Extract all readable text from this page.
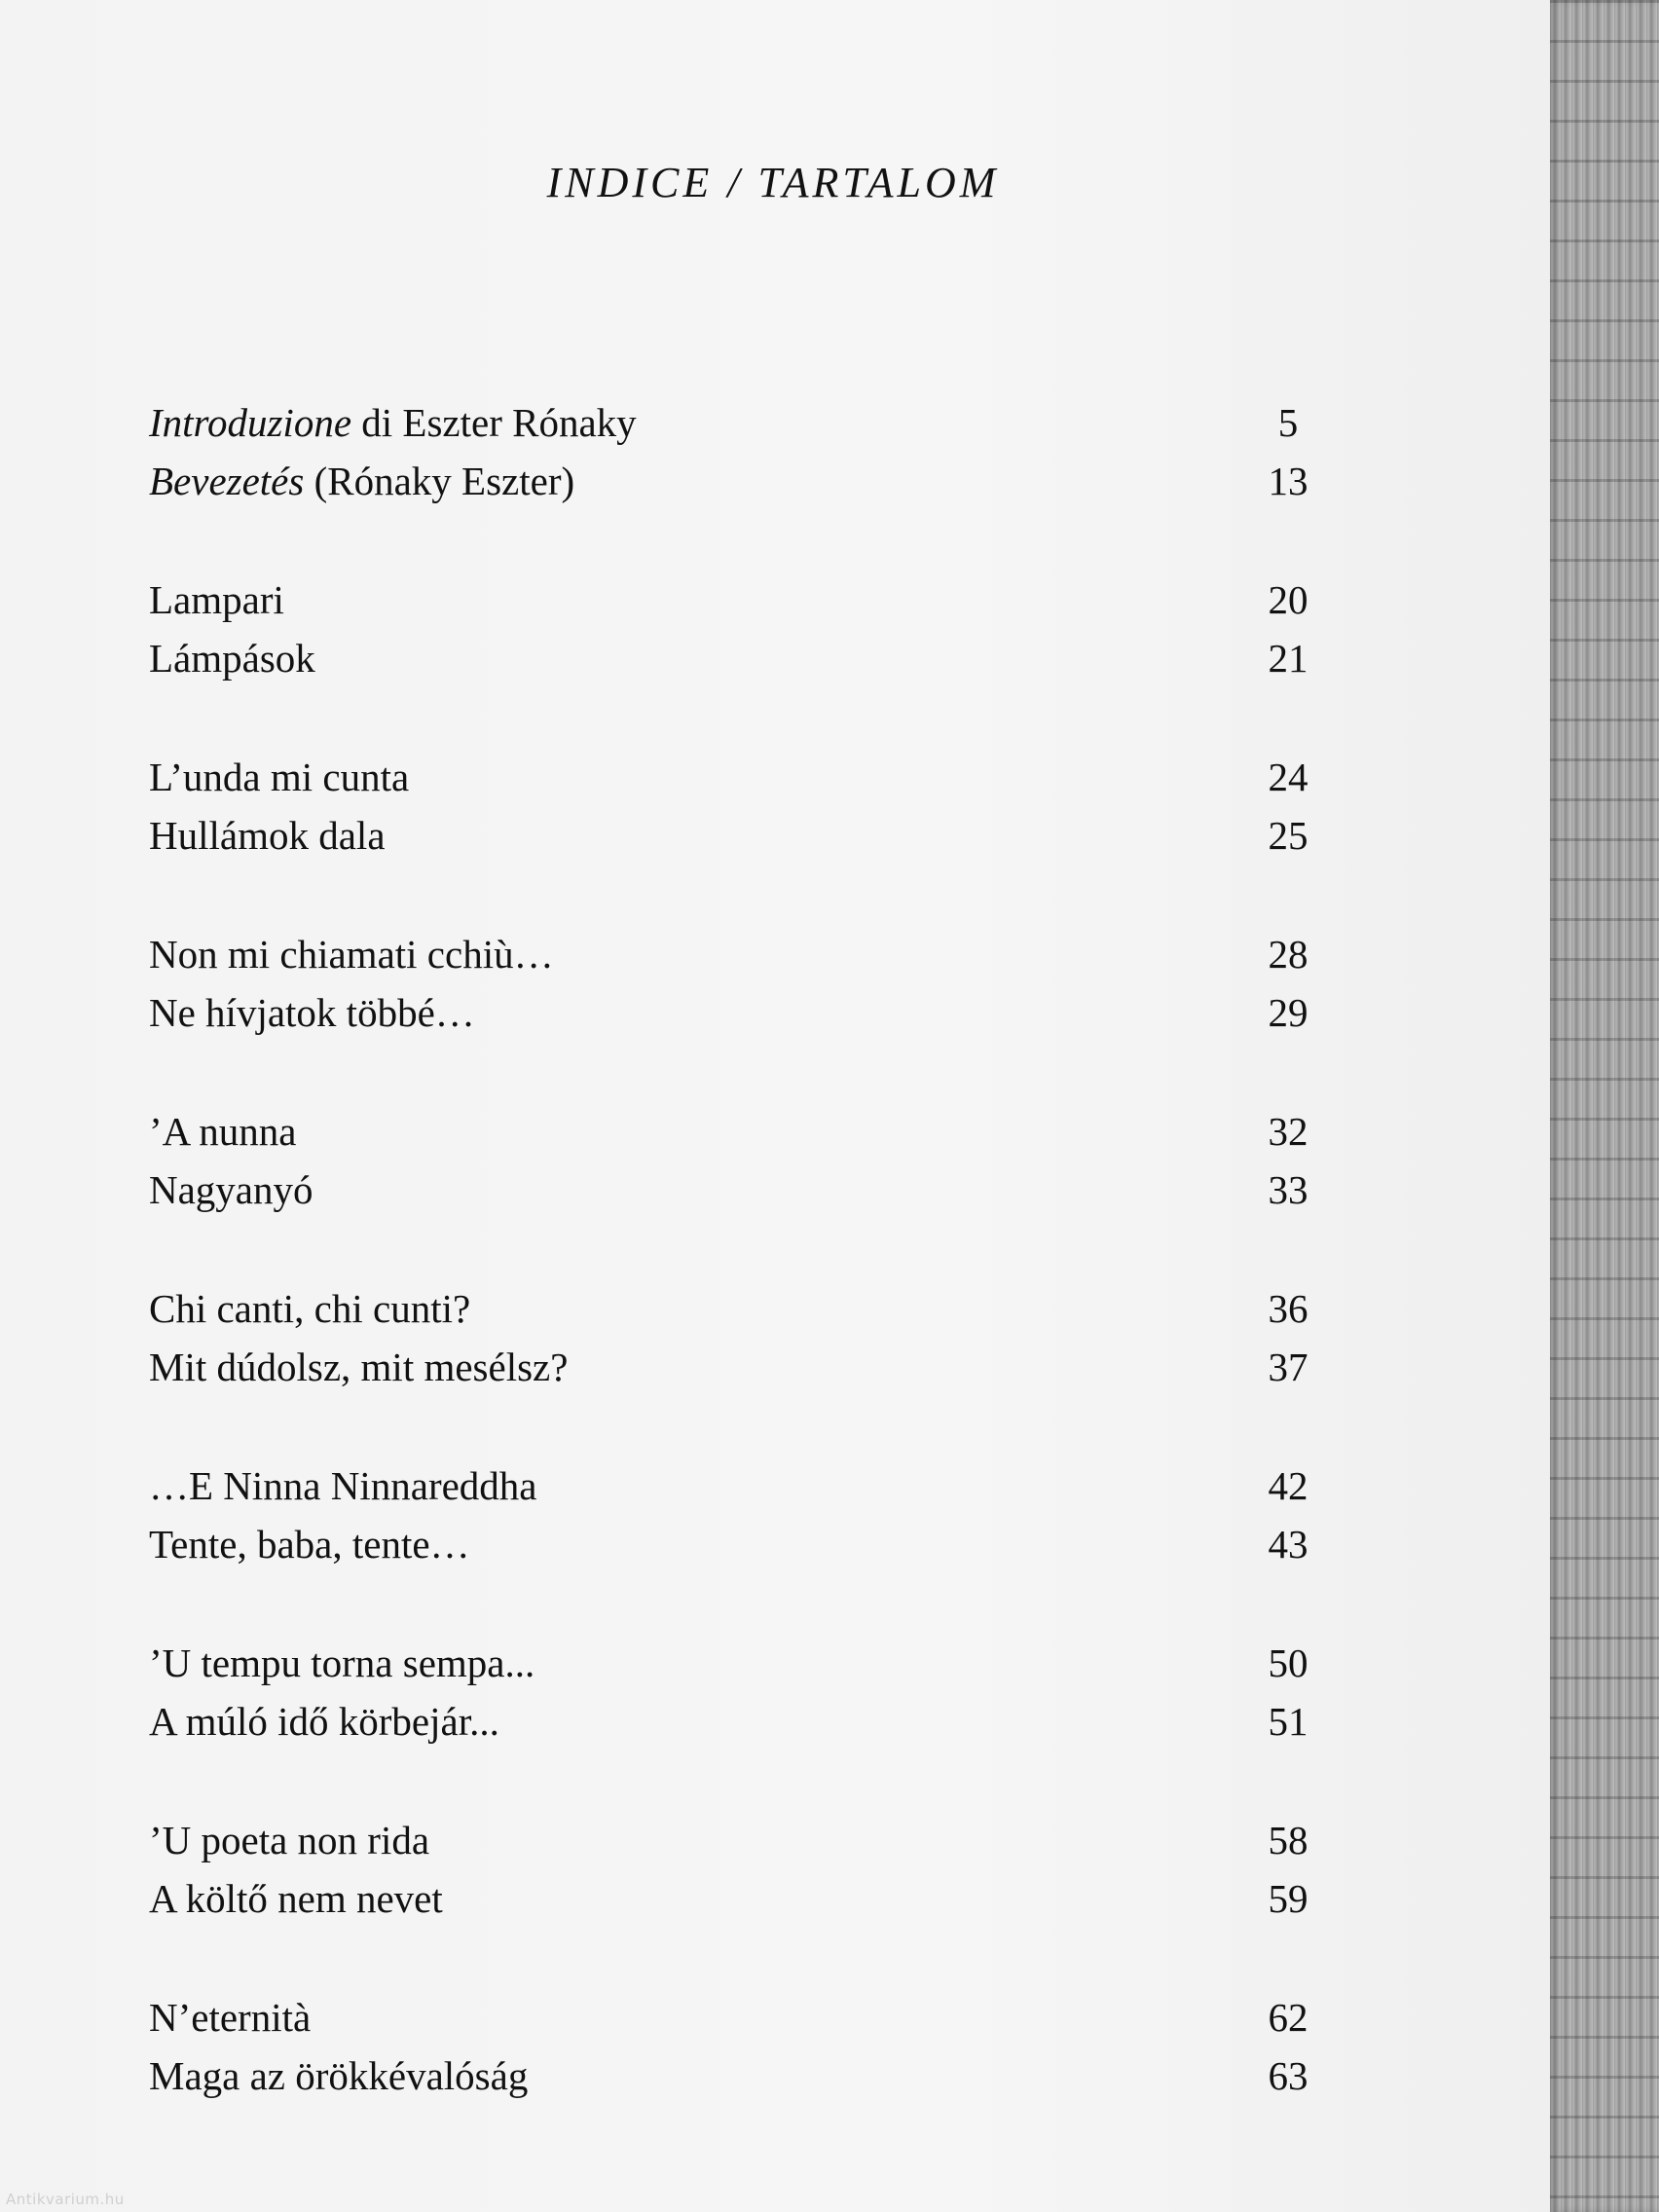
INDICE / TARTALOM
Introduzione di Eszter Rónaky	5
Bevezetés (Rónaky Eszter)	13
Lampari	20
Lámpások	21
L’unda mi cunta	24
Hullámok dala	25
Non mi chiamati cchiù…	28
Ne hívjatok többé…	29
’A nunna	32
Nagyanyó	33
Chi canti, chi cunti?	36
Mit dúdolsz, mit mesélsz?	37
…E Ninna Ninnareddha	42
Tente, baba, tente…	43
’U tempu torna sempa...	50
A múló idő körbejár...	51
’U poeta non rida	58
A költő nem nevet	59
N’eternità	62
Maga az örökkévalóság	63
Antikvarium.hu
